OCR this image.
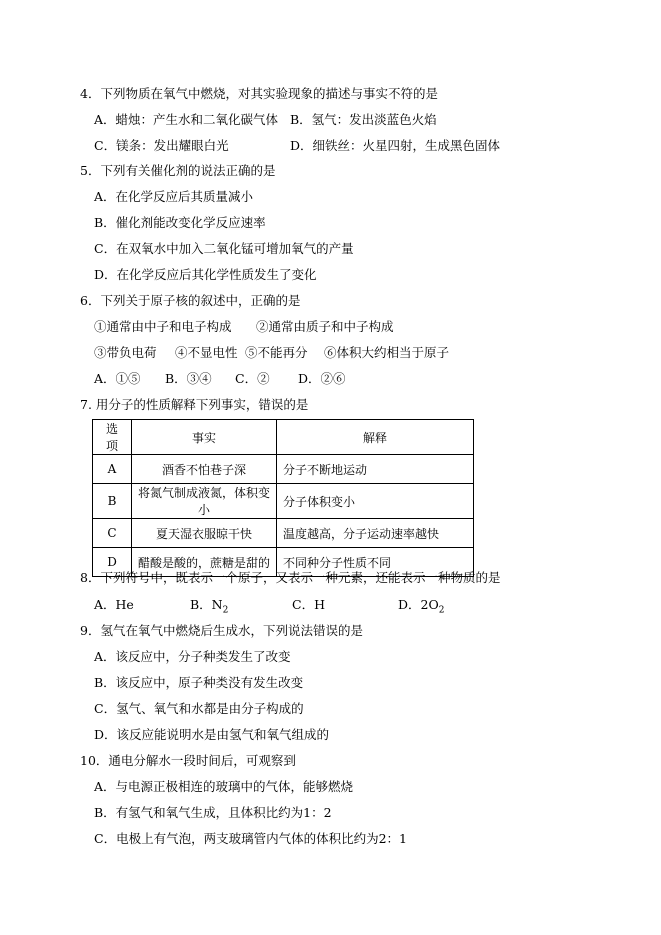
4．下列物质在氧气中燃烧，对其实验现象的描述与事实不符的是
A．蜡烛：产生水和二氧化碳气体 B．氢气：发出淡蓝色火焰
C．镁条：发出耀眼白光	D．细铁丝：火星四射，生成黑色固体
5．下列有关催化剂的说法正确的是
A．在化学反应后其质量减小
B．催化剂能改变化学反应速率
C．在双氧水中加入二氧化锰可增加氧气的产量
D．在化学反应后其化学性质发生了变化
6．下列关于原子核的叙述中，正确的是
①通常由中子和电子构成 ②通常由质子和中子构成
③带负电荷 ④不显电性 ⑤不能再分 ⑥体积大约相当于原子
A．①⑤ B．③④ C．② D．②⑥
7. 用分子的性质解释下列事实，错误的是
选 项	事实	解释
A	酒香不怕巷子深	分子不断地运动
B	将氮气制成液氮，体积变小	分子体积变小
C	夏天湿衣服晾干快	温度越高，分子运动速率越快
D	醋酸是酸的，蔗糖是甜的	不同种分子性质不同
8．下列符号中，既表示一个原子，又表示一种元素，还能表示一种物质的是
A．He	B．$N_2$	C．H	D．$2O_2$
9．氢气在氧气中燃烧后生成水，下列说法错误的是
A．该反应中，分子种类发生了改变
B．该反应中，原子种类没有发生改变
C．氢气、氧气和水都是由分子构成的
D．该反应能说明水是由氢气和氧气组成的
10．通电分解水一段时间后，可观察到
A．与电源正极相连的玻璃中的气体，能够燃烧
B．有氢气和氧气生成，且体积比约为1：2
C．电极上有气泡，两支玻璃管内气体的体积比约为2：1
